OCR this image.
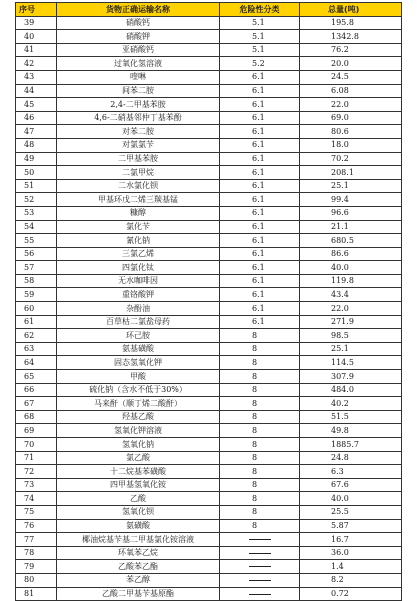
序号	货物正确运输名称	危险性分类	总量(吨)
39	硝酸钙	5.1	195.8
40	硝酸钾	5.1	1342.8
41	亚硝酸钙	5.1	76.2
42	过氧化氢溶液	5.2	20.0
43	喹啉	6.1	24.5
44	间苯二胺	6.1	6.08
45	2,4-二甲基苯胺	6.1	22.0
46	4,6-二硝基邻仲丁基苯酚	6.1	69.0
47	对苯二胺	6.1	80.6
48	对氯氯苄	6.1	18.0
49	二甲基苯胺	6.1	70.2
50	二氯甲烷	6.1	208.1
51	二水氯化钡	6.1	25.1
52	甲基环戊二烯三羰基锰	6.1	99.4
53	糠醇	6.1	96.6
54	氯化苄	6.1	21.1
55	氰化钠	6.1	680.5
56	三氯乙烯	6.1	86.6
57	四氯化钛	6.1	40.0
58	无水咖啡因	6.1	119.8
59	重铬酸钾	6.1	43.4
60	杂酚油	6.1	22.0
61	百草枯二氯盐母药	6.1	271.9
62	环己胺	8	98.5
63	氨基磺酸	8	25.1
64	固态氢氧化钾	8	114.5
65	甲酸	8	307.9
66	硫化钠（含水不低于30%）	8	484.0
67	马来酐（顺丁烯二酸酐）	8	40.2
68	羟基乙酸	8	51.5
69	氢氧化钾溶液	8	49.8
70	氢氧化钠	8	1885.7
71	氯乙酸	8	24.8
72	十二烷基苯磺酸	8	6.3
73	四甲基氢氧化铵	8	67.6
74	乙酸	8	40.0
75	氢氧化钡	8	25.5
76	氨磺酸	8	5.87
77	椰油烷基苄基二甲基氯化铵溶液		16.7
78	环氧苯乙烷		36.0
79	乙酸苯乙酯		1.4
80	苯乙醇		8.2
81	乙酸二甲基苄基原酯		0.72
